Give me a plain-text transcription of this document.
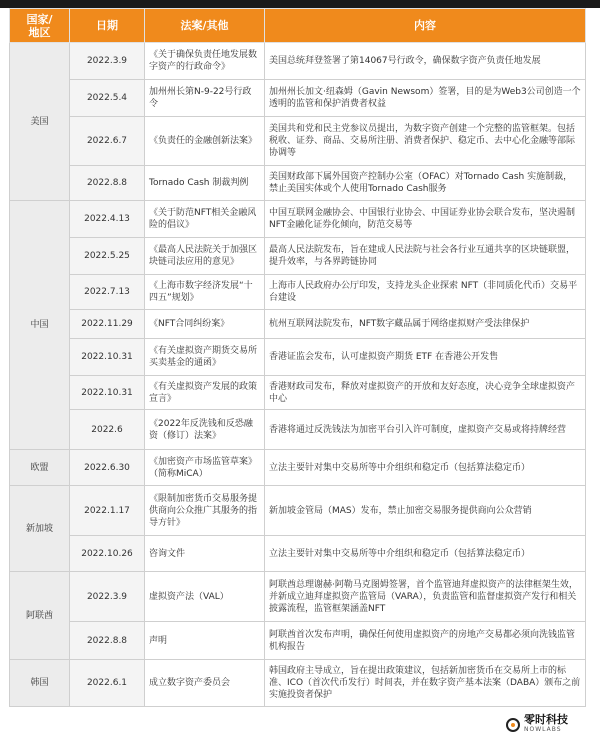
国家/
地区	日期	法案/其他	内容
美国	2022.3.9	《关于确保负责任地发展数字资产的行政命令》	美国总统拜登签署了第14067号行政令，确保数字资产负责任地发展
	2022.5.4	加州州长第N-9-22号行政令	加州州长加文·纽森姆（Gavin Newsom）签署，目的是为Web3公司创造一个透明的监管和保护消费者权益
	2022.6.7	《负责任的金融创新法案》	美国共和党和民主党参议员提出，为数字资产创建一个完整的监管框架。包括税收、证券、商品、交易所注册、消费者保护、稳定币、去中心化金融等部际协调等
	2022.8.8	Tornado Cash 制裁判例	美国财政部下属外国资产控制办公室（OFAC）对Tornado Cash 实施制裁，禁止美国实体或个人使用Tornado Cash服务
中国	2022.4.13	《关于防范NFT相关金融风险的倡议》	中国互联网金融协会、中国银行业协会、中国证券业协会联合发布，坚决遏制NFT金融化证券化倾向，防范交易等
	2022.5.25	《最高人民法院关于加强区块链司法应用的意见》	最高人民法院发布，旨在建成人民法院与社会各行业互通共享的区块链联盟，提升效率，与各界跨链协同
	2022.7.13	《上海市数字经济发展“十四五”规划》	上海市人民政府办公厅印发，支持龙头企业探索 NFT（非同质化代币）交易平台建设
	2022.11.29	《NFT合同纠纷案》	杭州互联网法院发布，NFT数字藏品属于网络虚拟财产受法律保护
	2022.10.31	《有关虚拟资产期货交易所买卖基金的通函》	香港证监会发布，认可虚拟资产期货 ETF 在香港公开发售
	2022.10.31	《有关虚拟资产发展的政策宣言》	香港财政司发布，释放对虚拟资产的开放和友好态度，决心竞争全球虚拟资产中心
	2022.6	《2022年反洗钱和反恐融资（修订）法案》	香港将通过反洗钱法为加密平台引入许可制度，虚拟资产交易或将持牌经营
欧盟	2022.6.30	《加密资产市场监管草案》（简称MiCA）	立法主要针对集中交易所等中介组织和稳定币（包括算法稳定币）
新加坡	2022.1.17	《限制加密货币交易服务提供商向公众推广其服务的指导方针》	新加坡金管局（MAS）发布，禁止加密交易服务提供商向公众营销
	2022.10.26	咨询文件	立法主要针对集中交易所等中介组织和稳定币（包括算法稳定币）
阿联酋	2022.3.9	虚拟资产法（VAL）	阿联酋总理谢赫·阿勒马克图姆签署，首个监管迪拜虚拟资产的法律框架生效，并新成立迪拜虚拟资产监管局（VARA），负责监管和监督虚拟资产发行和相关披露流程，监管框架涵盖NFT
	2022.8.8	声明	阿联酋首次发布声明，确保任何使用虚拟资产的房地产交易都必须向洗钱监管机构报告
韩国	2022.6.1	成立数字资产委员会	韩国政府主导成立，旨在提出政策建议，包括新加密货币在交易所上市的标准、ICO（首次代币发行）时间表，并在数字资产基本法案（DABA）颁布之前实施投资者保护
零时科技
NOWLABS
